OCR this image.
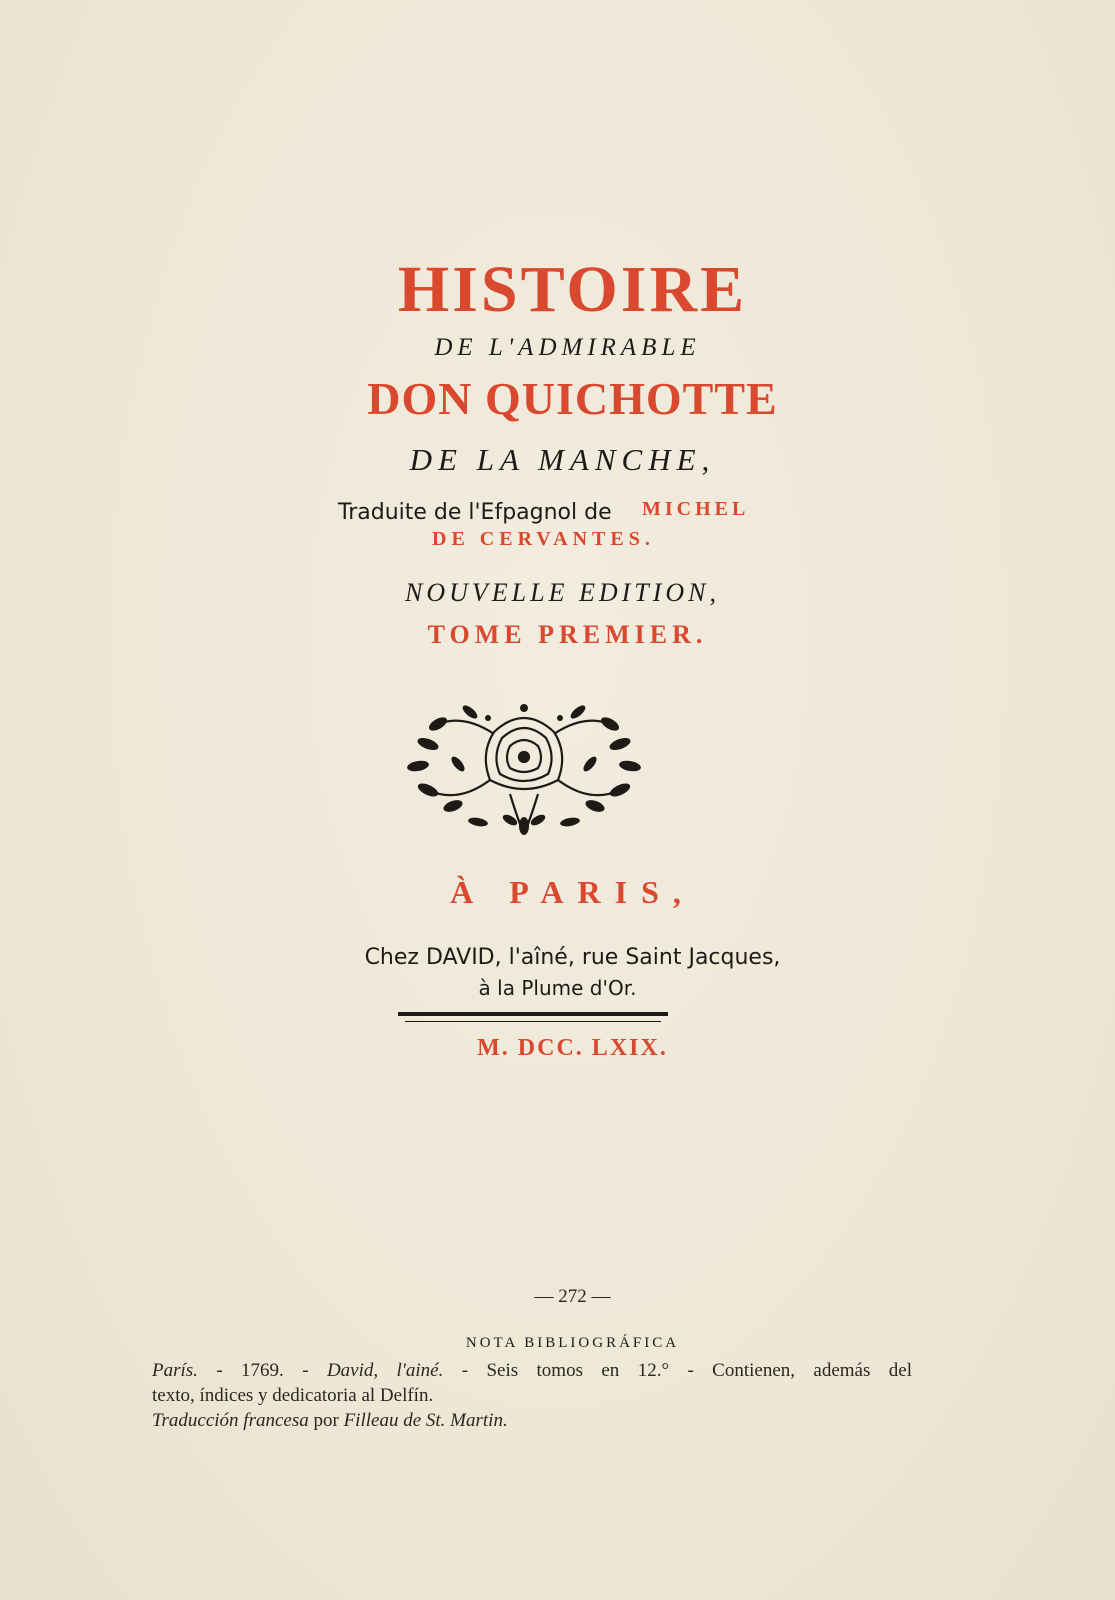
HISTOIRE
DE L'ADMIRABLE
DON QUICHOTTE
DE LA MANCHE,
Traduite de l'Efpagnol de MICHEL
DE CERVANTES.
NOUVELLE EDITION,
TOME PREMIER.
À PARIS,
Chez DAVID, l'aîné, rue Saint Jacques,
à la Plume d'Or.
M. DCC. LXIX.
— 272 —
NOTA BIBLIOGRÁFICA

París. - 1769. - David, l'ainé. - Seis tomos en 12.° - Contienen, además del

texto, índices y dedicatoria al Delfín.

Traducción francesa por Filleau de St. Martin.
